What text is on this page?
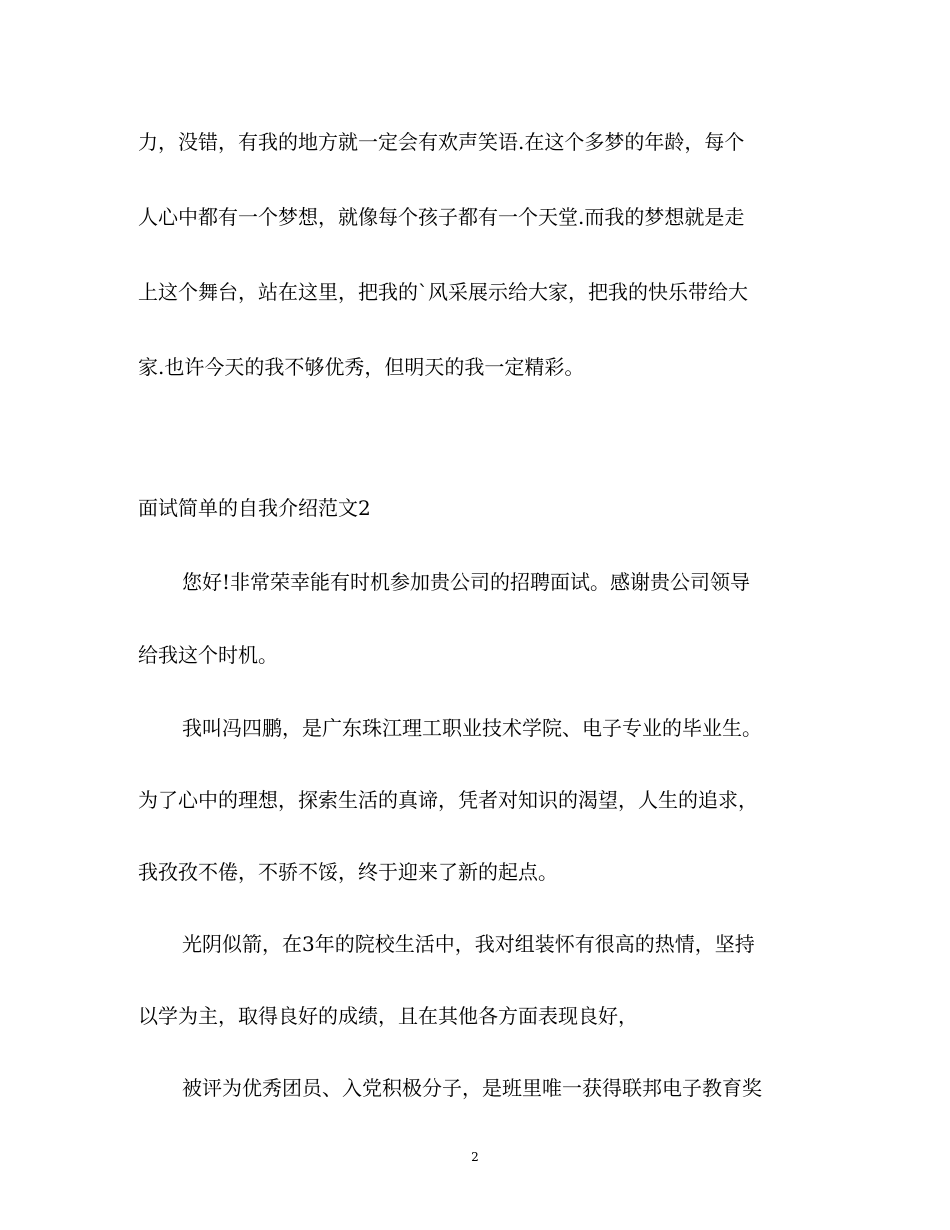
力，没错，有我的地方就一定会有欢声笑语.在这个多梦的年龄，每个
人心中都有一个梦想，就像每个孩子都有一个天堂.而我的梦想就是走
上这个舞台，站在这里，把我的`风采展示给大家，把我的快乐带给大
家.也许今天的我不够优秀，但明天的我一定精彩。
面试简单的自我介绍范文2
您好!非常荣幸能有时机参加贵公司的招聘面试。感谢贵公司领导
给我这个时机。
我叫冯四鹏，是广东珠江理工职业技术学院、电子专业的毕业生。
为了心中的理想，探索生活的真谛，凭者对知识的渴望，人生的追求，
我孜孜不倦，不骄不馁，终于迎来了新的起点。
光阴似箭，在3年的院校生活中，我对组装怀有很高的热情，坚持
以学为主，取得良好的成绩，且在其他各方面表现良好，
被评为优秀团员、入党积极分子，是班里唯一获得联邦电子教育奖
2
